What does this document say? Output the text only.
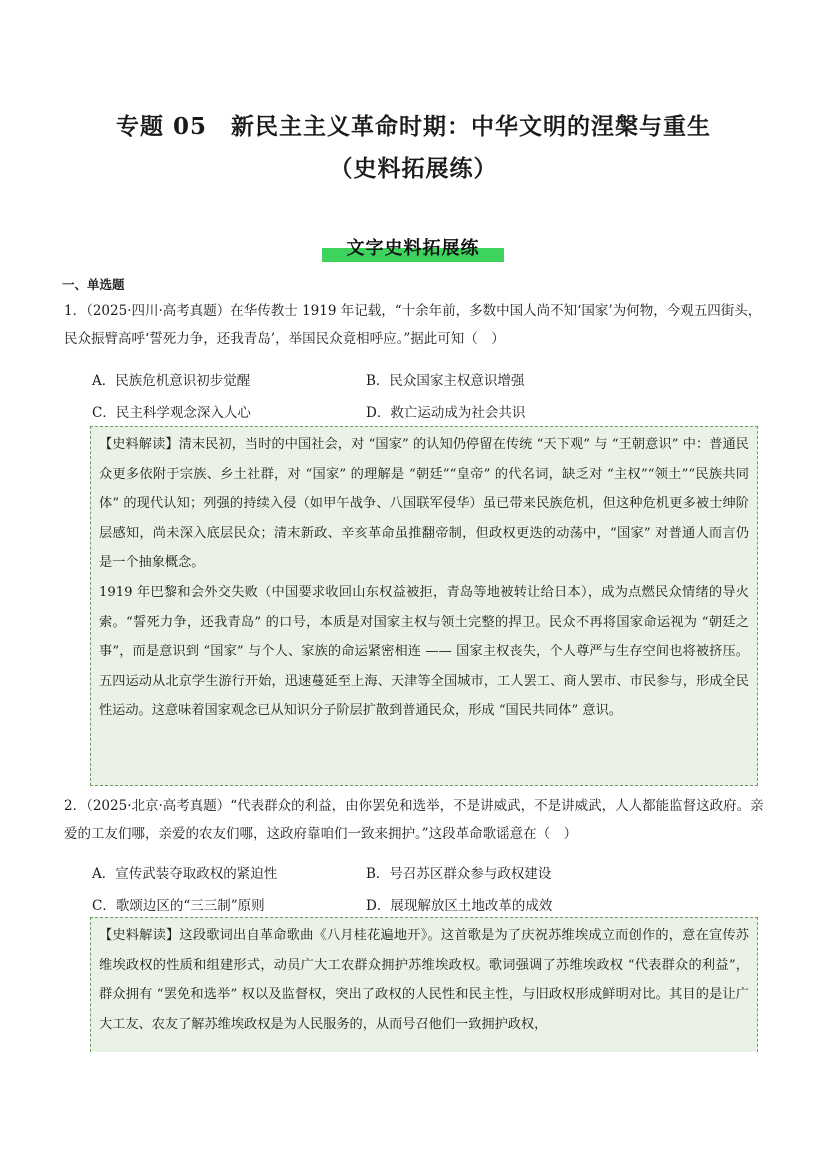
专题 05　新民主主义革命时期：中华文明的涅槃与重生
（史料拓展练）
文字史料拓展练
一、单选题
1．（2025·四川·高考真题）在华传教士 1919 年记载，“十余年前，多数中国人尚不知‘国家’为何物，今观五四街头，民众振臂高呼‘誓死力争，还我青岛’，举国民众竟相呼应。”据此可知（　）
A．民族危机意识初步觉醒	B．民众国家主权意识增强
C．民主科学观念深入人心	D．救亡运动成为社会共识

【史料解读】清末民初，当时的中国社会，对 “国家” 的认知仍停留在传统 “天下观” 与 “王朝意识” 中：普通民众更多依附于宗族、乡土社群，对 “国家” 的理解是 “朝廷”“皇帝” 的代名词，缺乏对 “主权”“领土”“民族共同体” 的现代认知；列强的持续入侵（如甲午战争、八国联军侵华）虽已带来民族危机，但这种危机更多被士绅阶层感知，尚未深入底层民众；清末新政、辛亥革命虽推翻帝制，但政权更迭的动荡中，“国家” 对普通人而言仍是一个抽象概念。

1919 年巴黎和会外交失败（中国要求收回山东权益被拒，青岛等地被转让给日本），成为点燃民众情绪的导火索。“誓死力争，还我青岛” 的口号，本质是对国家主权与领土完整的捍卫。民众不再将国家命运视为 “朝廷之事”，而是意识到 “国家” 与个人、家族的命运紧密相连 —— 国家主权丧失，个人尊严与生存空间也将被挤压。五四运动从北京学生游行开始，迅速蔓延至上海、天津等全国城市，工人罢工、商人罢市、市民参与，形成全民性运动。这意味着国家观念已从知识分子阶层扩散到普通民众，形成 “国民共同体” 意识。

2．（2025·北京·高考真题）“代表群众的利益，由你罢免和选举，不是讲威武，不是讲威武，人人都能监督这政府。亲爱的工友们哪，亲爱的农友们哪，这政府靠咱们一致来拥护。”这段革命歌谣意在（　）
A．宣传武装夺取政权的紧迫性	B．号召苏区群众参与政权建设
C．歌颂边区的“三三制”原则	D．展现解放区土地改革的成效

【史料解读】这段歌词出自革命歌曲《八月桂花遍地开》。这首歌是为了庆祝苏维埃成立而创作的，意在宣传苏维埃政权的性质和组建形式，动员广大工农群众拥护苏维埃政权。歌词强调了苏维埃政权 “代表群众的利益”，群众拥有 “罢免和选举” 权以及监督权，突出了政权的人民性和民主性，与旧政权形成鲜明对比。其目的是让广大工友、农友了解苏维埃政权是为人民服务的，从而号召他们一致拥护政权，
